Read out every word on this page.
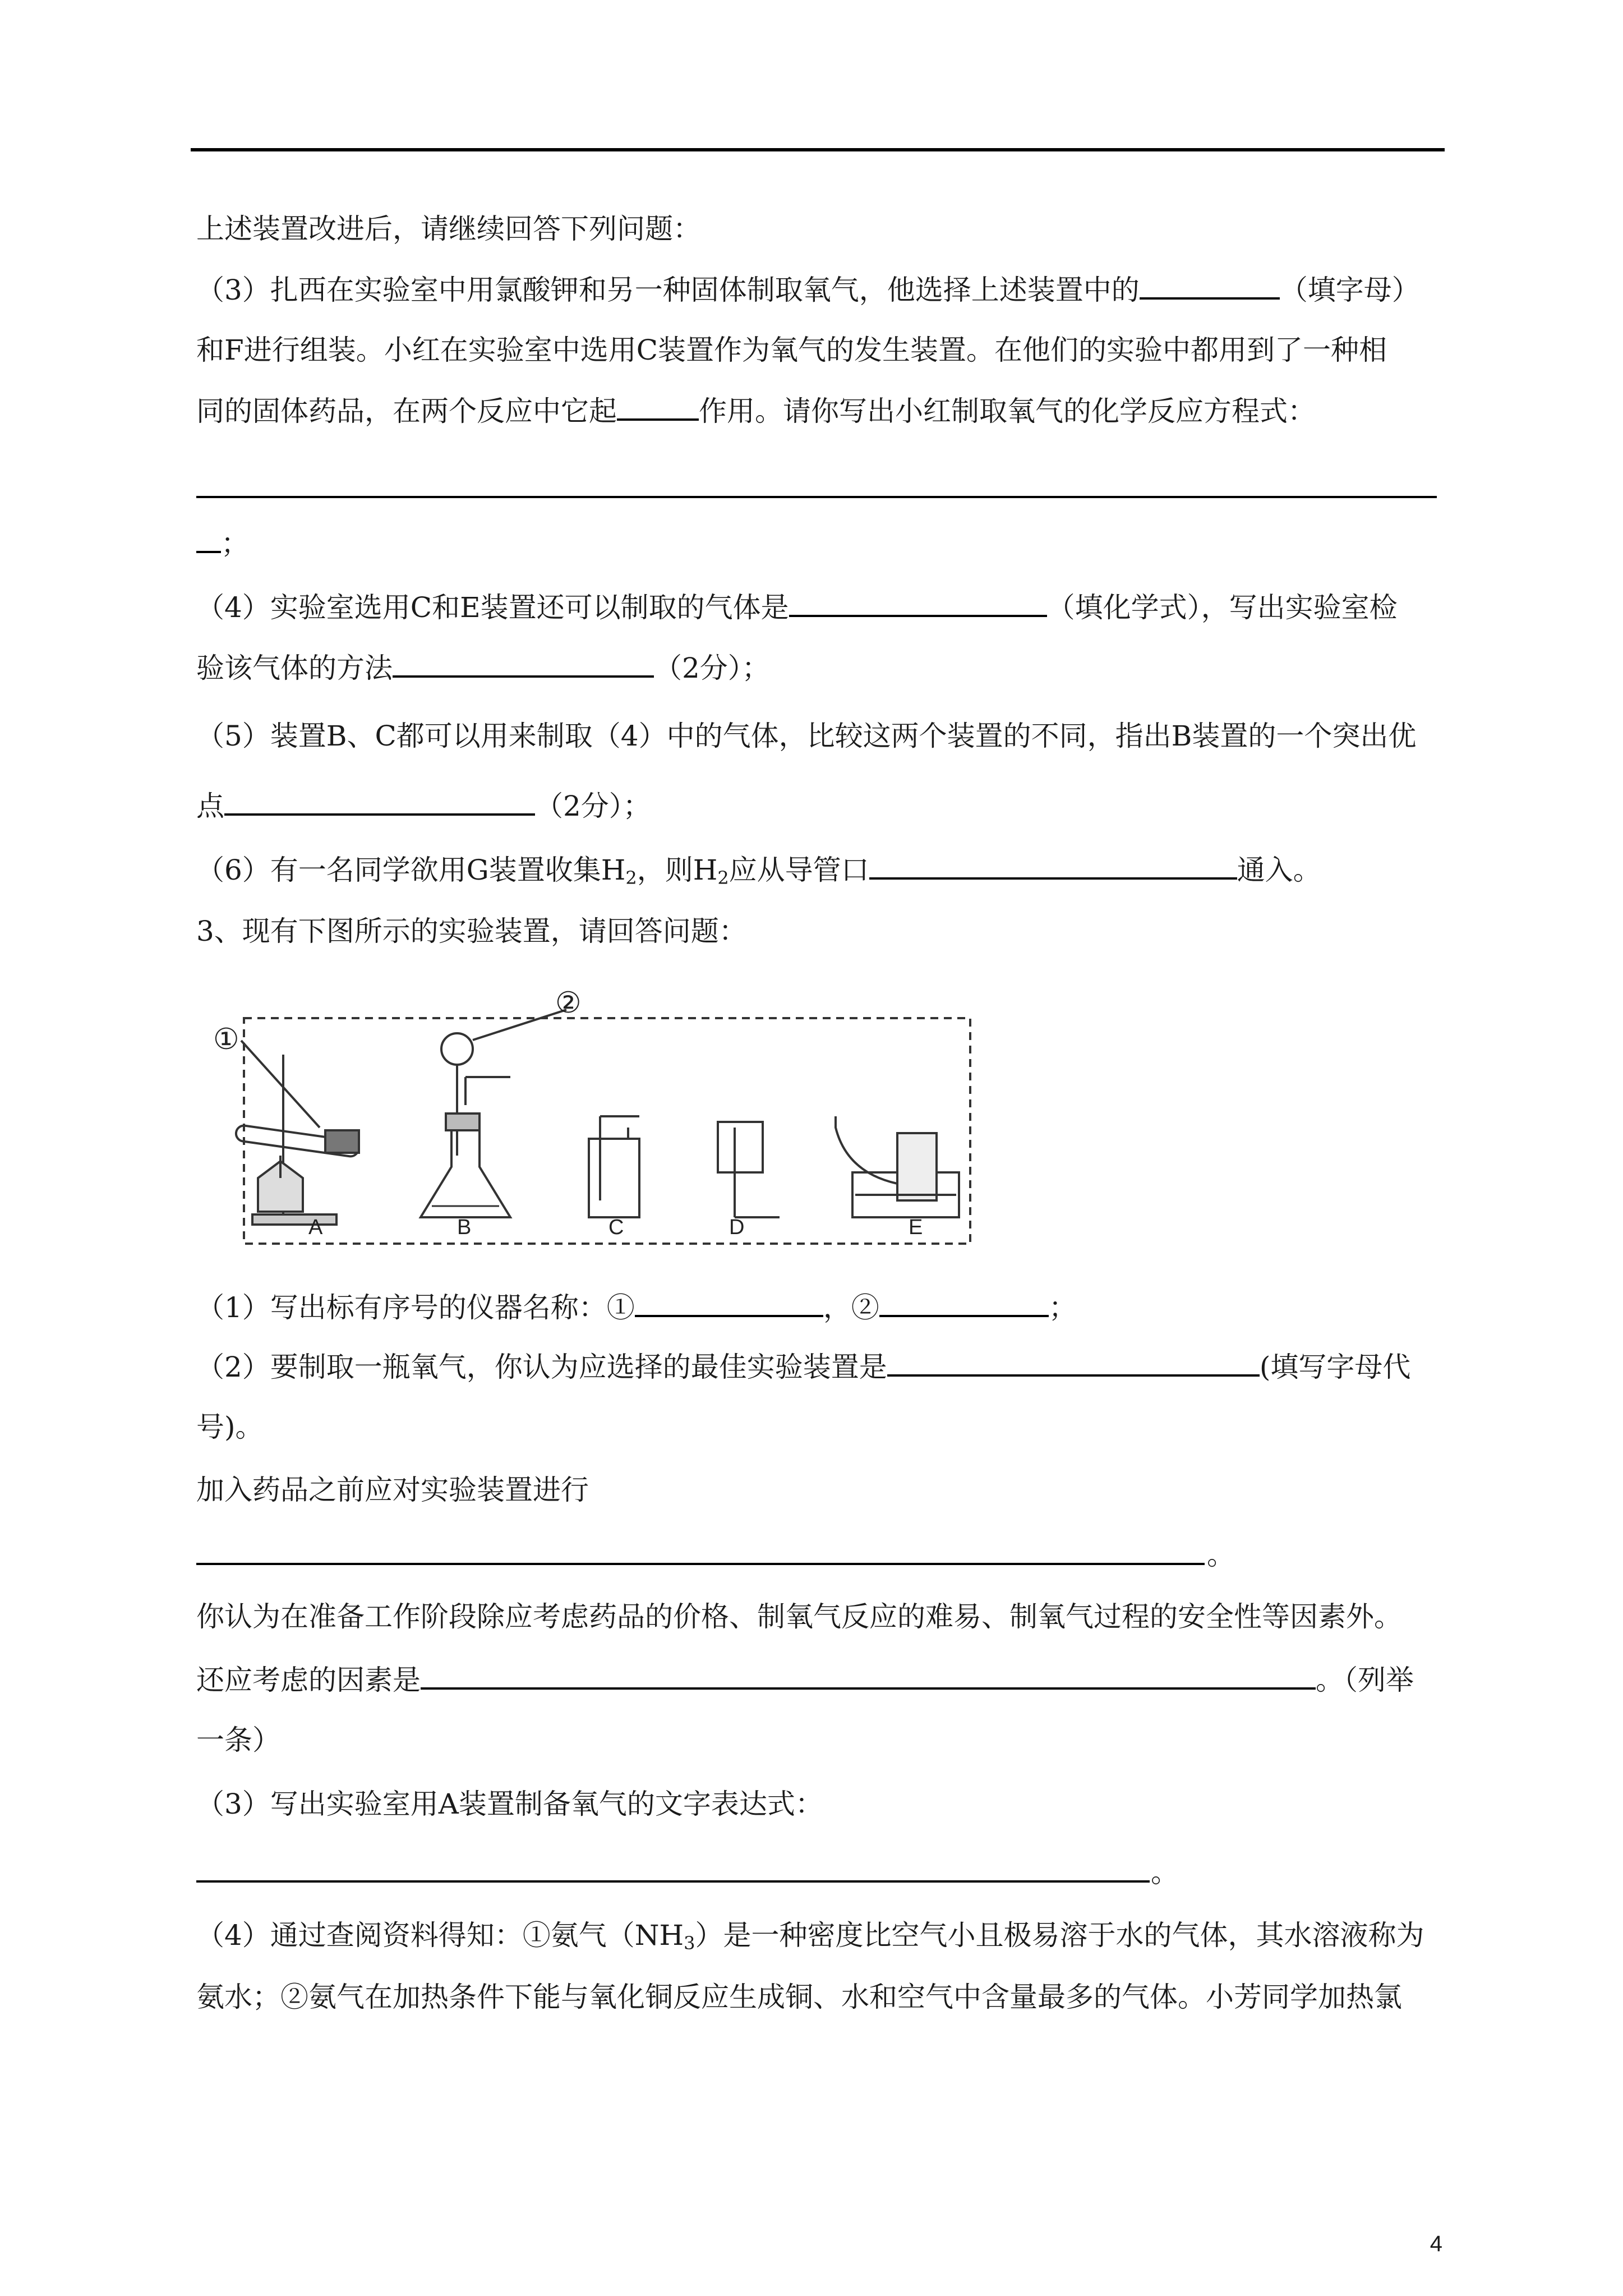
上述装置改进后，请继续回答下列问题：
（3）扎西在实验室中用氯酸钾和另一种固体制取氧气，他选择上述装置中的	（填字母）
和F进行组装。小红在实验室中选用C装置作为氧气的发生装置。在他们的实验中都用到了一种相
同的固体药品，在两个反应中它起	作用。请你写出小红制取氧气的化学反应方程式：
；
（4）实验室选用C和E装置还可以制取的气体是	（填化学式），写出实验室检
验该气体的方法	（2分）；
（5）装置B、C都可以用来制取（4）中的气体，比较这两个装置的不同，指出B装置的一个突出优
点	（2分）；
（6）有一名同学欲用G装置收集$H_2$，则$H_2$应从导管口	通入。
3、现有下图所示的实验装置，请回答问题：
A	B	C	D	E
①
②
（1）写出标有序号的仪器名称：①	，②	；
（2）要制取一瓶氧气，你认为应选择的最佳实验装置是	(填写字母代
号)。
加入药品之前应对实验装置进行
。
你认为在准备工作阶段除应考虑药品的价格、制氧气反应的难易、制氧气过程的安全性等因素外。
还应考虑的因素是	。（列举
一条）
（3）写出实验室用A装置制备氧气的文字表达式：
。
（4）通过查阅资料得知：①氨气$(NH_3)$是一种密度比空气小且极易溶于水的气体，其水溶液称为
氨水；②氨气在加热条件下能与氧化铜反应生成铜、水和空气中含量最多的气体。小芳同学加热氯
4
